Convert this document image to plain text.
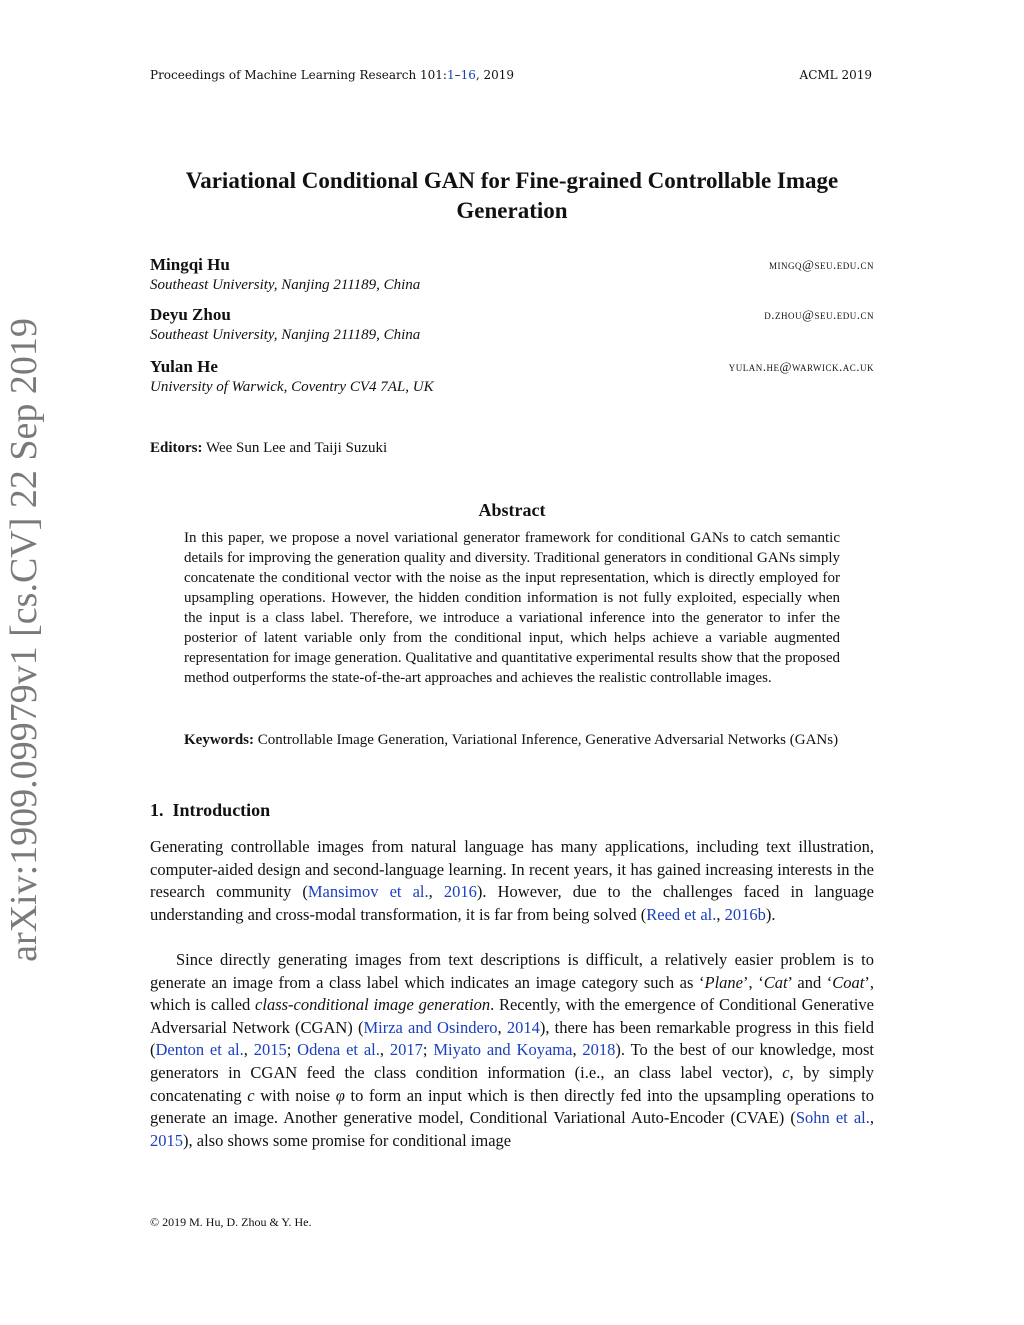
Proceedings of Machine Learning Research 101:1–16, 2019	ACML 2019
arXiv:1909.09979v1 [cs.CV] 22 Sep 2019
Variational Conditional GAN for Fine-grained Controllable Image Generation
Mingqi Hu	mingq@seu.edu.cn
Southeast University, Nanjing 211189, China
Deyu Zhou	d.zhou@seu.edu.cn
Southeast University, Nanjing 211189, China
Yulan He	yulan.he@warwick.ac.uk
University of Warwick, Coventry CV4 7AL, UK
Editors: Wee Sun Lee and Taiji Suzuki
Abstract
In this paper, we propose a novel variational generator framework for conditional GANs to catch semantic details for improving the generation quality and diversity. Traditional generators in conditional GANs simply concatenate the conditional vector with the noise as the input representation, which is directly employed for upsampling operations. However, the hidden condition information is not fully exploited, especially when the input is a class label. Therefore, we introduce a variational inference into the generator to infer the posterior of latent variable only from the conditional input, which helps achieve a variable augmented representation for image generation. Qualitative and quantitative experimental results show that the proposed method outperforms the state-of-the-art approaches and achieves the realistic controllable images.
Keywords: Controllable Image Generation, Variational Inference, Generative Adversarial Networks (GANs)
1. Introduction
Generating controllable images from natural language has many applications, including text illustration, computer-aided design and second-language learning. In recent years, it has gained increasing interests in the research community (Mansimov et al., 2016). However, due to the challenges faced in language understanding and cross-modal transformation, it is far from being solved (Reed et al., 2016b).
Since directly generating images from text descriptions is difficult, a relatively easier problem is to generate an image from a class label which indicates an image category such as ‘Plane’, ‘Cat’ and ‘Coat’, which is called class-conditional image generation. Recently, with the emergence of Conditional Generative Adversarial Network (CGAN) (Mirza and Osindero, 2014), there has been remarkable progress in this field (Denton et al., 2015; Odena et al., 2017; Miyato and Koyama, 2018). To the best of our knowledge, most generators in CGAN feed the class condition information (i.e., an class label vector), c, by simply concatenating c with noise φ to form an input which is then directly fed into the upsampling operations to generate an image. Another generative model, Conditional Variational Auto-Encoder (CVAE) (Sohn et al., 2015), also shows some promise for conditional image
© 2019 M. Hu, D. Zhou & Y. He.
